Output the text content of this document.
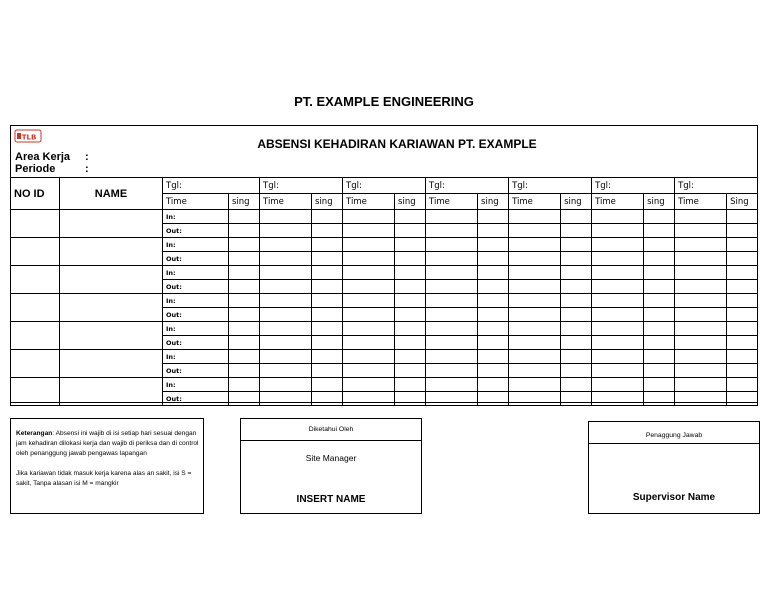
PT. EXAMPLE ENGINEERING
TLB	ABSENSI KEHADIRAN KARIAWAN PT. EXAMPLE
Area Kerja :
Periode	:
NO ID	NAME	Tgl:		Tgl:		Tgl:		Tgl:		Tgl:		Tgl:		Tgl:	
		Time	sing	Time	sing	Time	sing	Time	sing	Time	sing	Time	sing	Time	Sing
		In:													
		Out:													
		In:													
		Out:													
		In:													
		Out:													
		In:													
		Out:													
		In:													
		Out:													
		In:													
		Out:													
		In:													
		Out:													

Keterangan: Absensi ini wajib di isi setiap hari sesuai dengan jam kehadiran dilokasi kerja dan wajib di periksa dan di control oleh penanggung jawab pengawas lapangan

Jika kariawan tidak masuk kerja karena alas an sakit, isi S = sakit, Tanpa alasan isi M = mangkir

Diketahui Oleh
Site Manager
INSERT NAME
Penaggung Jawab
Supervisor Name
